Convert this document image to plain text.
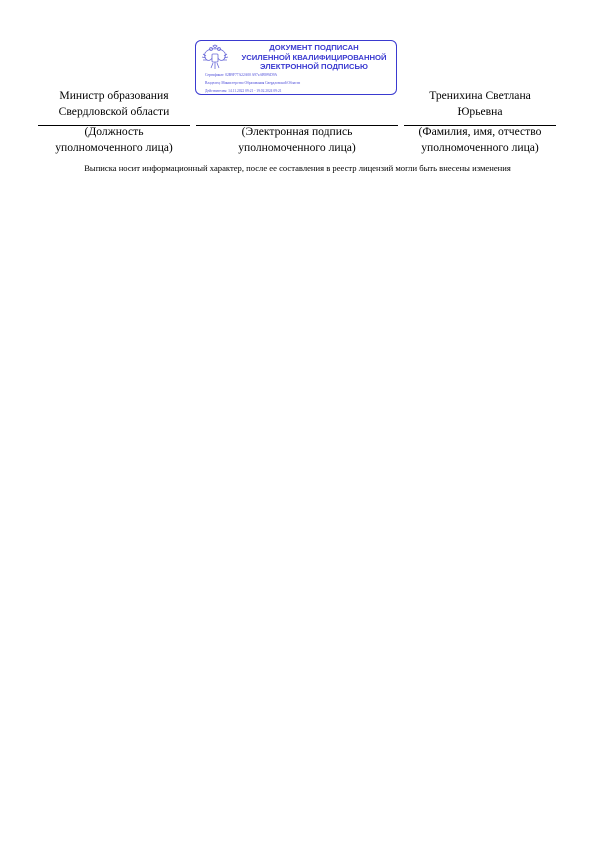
ДОКУМЕНТ ПОДПИСАН
УСИЛЕННОЙ КВАЛИФИЦИРОВАННОЙ
ЭЛЕКТРОННОЙ ПОДПИСЬЮ
Сертификат: 02B9F77A22A00 A97a 6B9F6D9A
Владелец: Министерство Образования Свердловской Области
Действителен: 14.11.2022 09:21 - 19.02.2024 09:21
Министр образования
Свердловской области
Тренихина Светлана
Юрьевна
(Должность
уполномоченного лица)
(Электронная подпись
уполномоченного лица)
(Фамилия, имя, отчество
уполномоченного лица)
Выписка носит информационный характер, после ее составления в реестр лицензий могли быть внесены изменения
